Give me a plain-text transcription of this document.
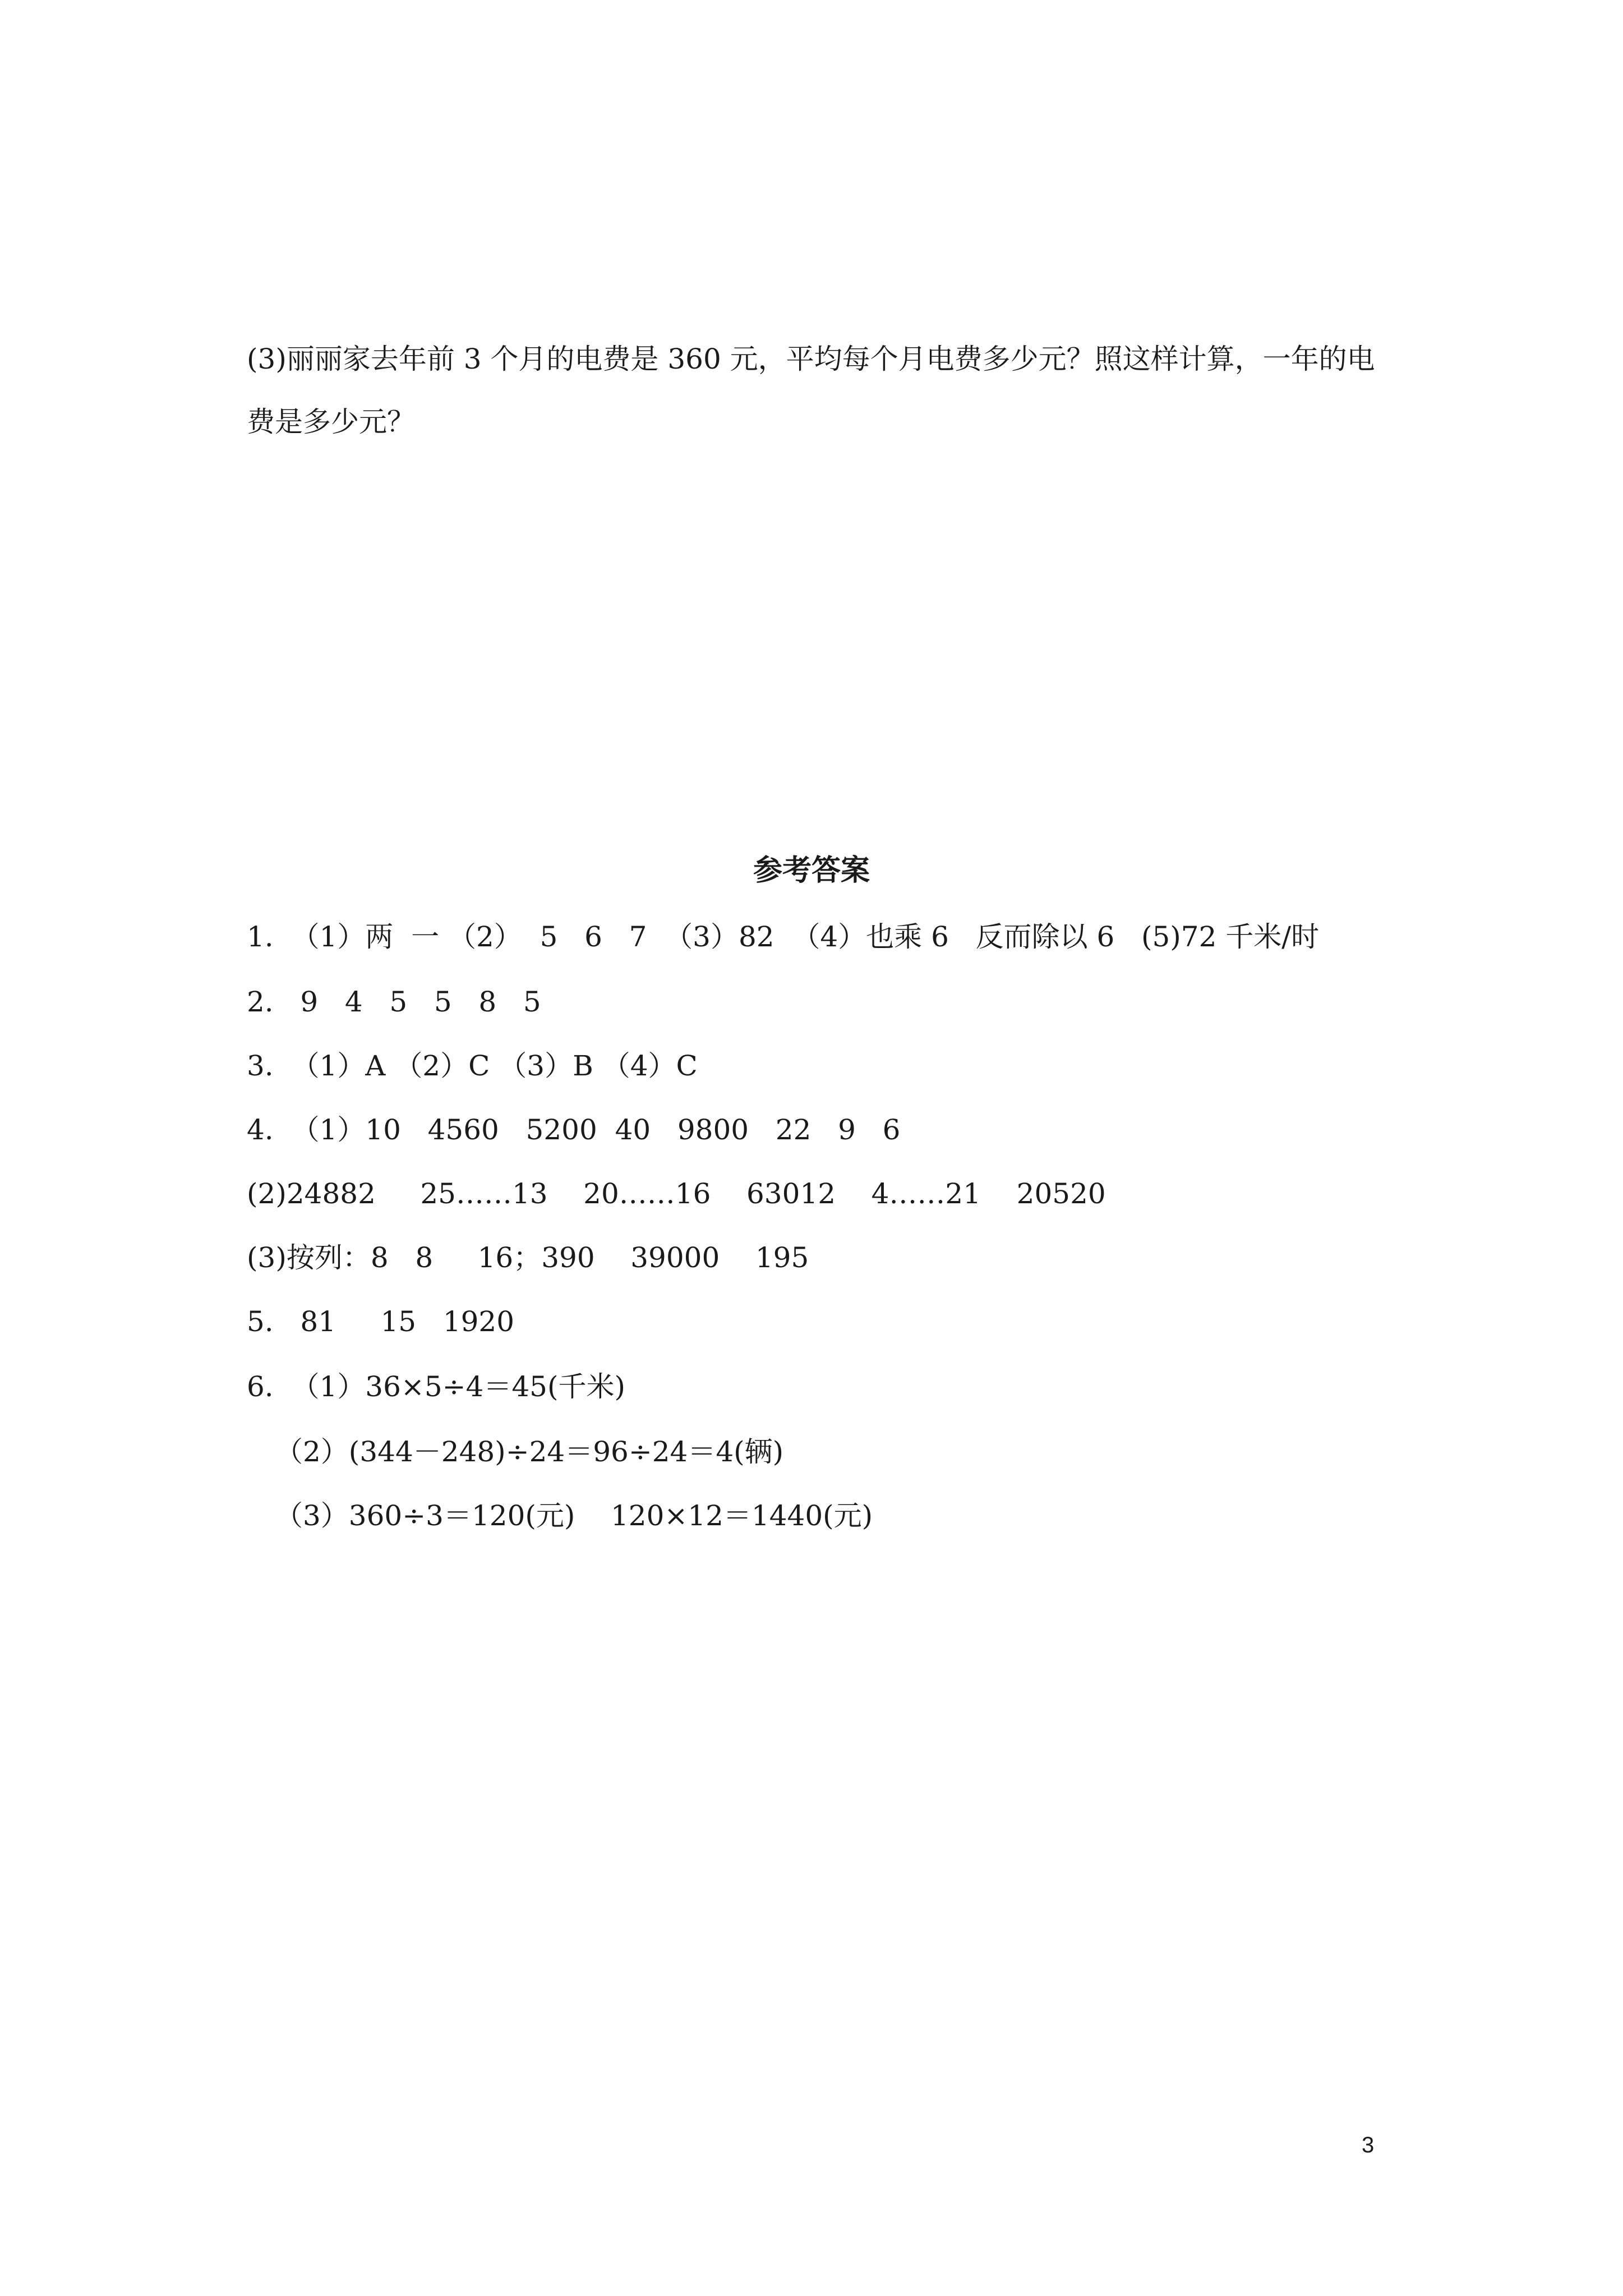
(3)丽丽家去年前 3 个月的电费是 360 元，平均每个月电费多少元？照这样计算，一年的电
费是多少元？
参考答案
1.  （1）两  一 （2）  5   6   7  （3）82  （4）也乘 6   反而除以 6   (5)72 千米/时
2.   9   4   5   5   8   5
3.  （1）A （2）C （3）B （4）C
4.  （1）10   4560   5200  40   9800   22   9   6
(2)24882     25……13    20……16    63012    4……21    20520
(3)按列：8   8     16；390    39000    195
5.   81     15   1920
6.  （1）36×5÷4＝45(千米)
（2）(344－248)÷24＝96÷24＝4(辆)
（3）360÷3＝120(元)    120×12＝1440(元)
3
